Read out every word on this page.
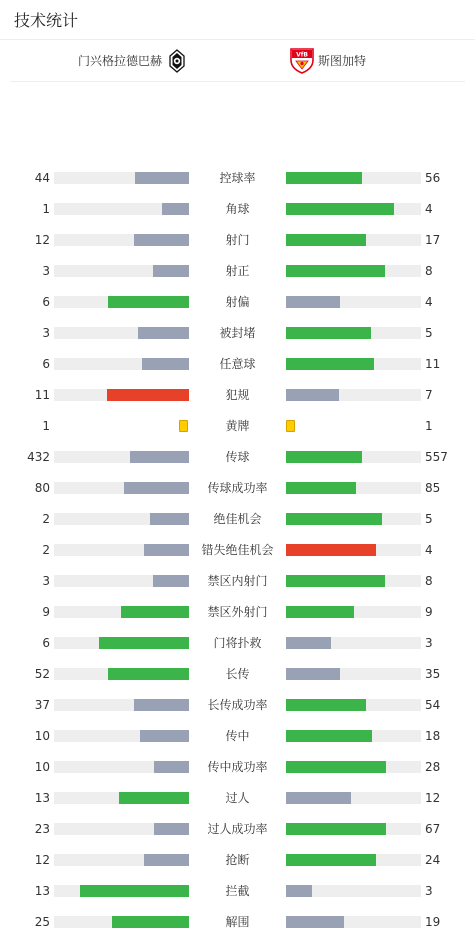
技术统计
门兴格拉德巴赫	VfB 斯图加特
44	控球率	56
1	角球	4
12	射门	17
3	射正	8
6	射偏	4
3	被封堵	5
6	任意球	11
11	犯规	7
1	黄牌	1
432	传球	557
80	传球成功率	85
2	绝佳机会	5
2	错失绝佳机会	4
3	禁区内射门	8
9	禁区外射门	9
6	门将扑救	3
52	长传	35
37	长传成功率	54
10	传中	18
10	传中成功率	28
13	过人	12
23	过人成功率	67
12	抢断	24
13	拦截	3
25	解围	19
